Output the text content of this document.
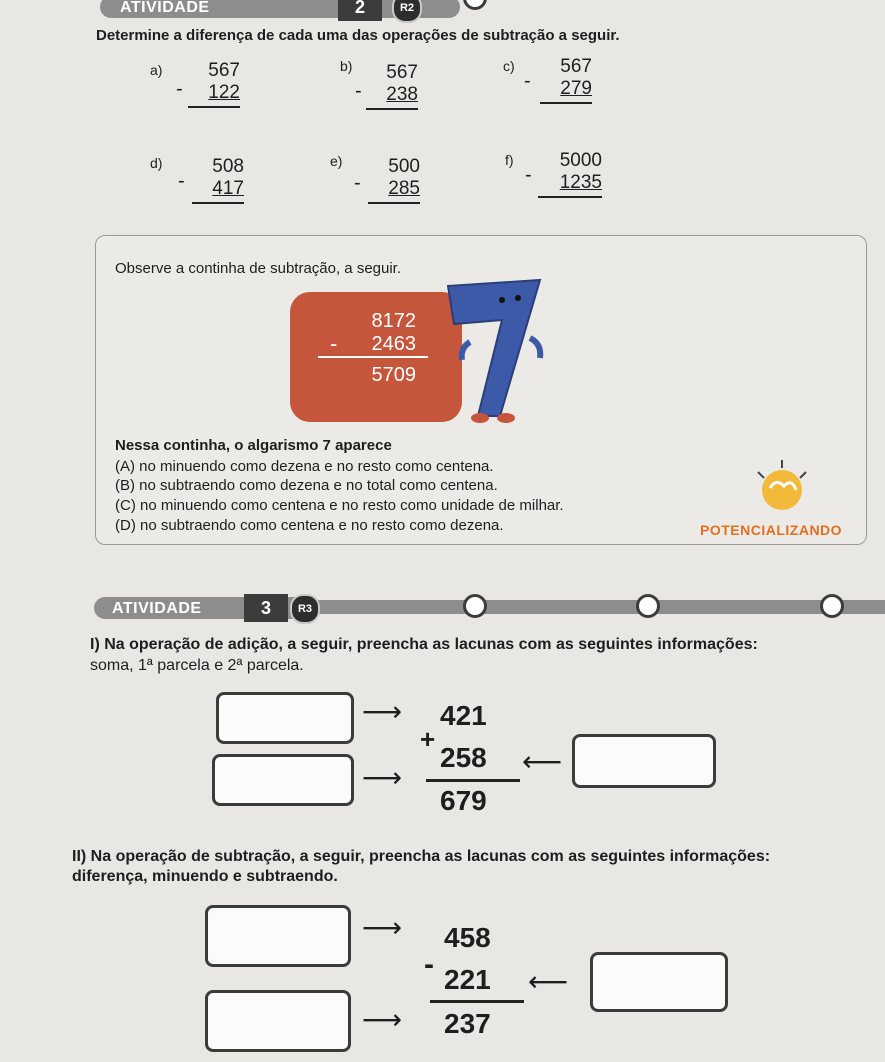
ATIVIDADE	2	R2
Determine a diferença de cada uma das operações de subtração a seguir.
a)
-
567
122
b)
-
567
238
c)
-
567
279
d)
-
508
417
e)
-
500
285
f)
-
5000
1235
Observe a continha de subtração, a seguir.
8172
2463
5709
-
Nessa continha, o algarismo 7 aparece
(A) no minuendo como dezena e no resto como centena.
(B) no subtraendo como dezena e no total como centena.
(C) no minuendo como centena e no resto como unidade de milhar.
(D) no subtraendo como centena e no resto como dezena.	POTENCIALIZANDO
ATIVIDADE	3	R3
I) Na operação de adição, a seguir, preencha as lacunas com as seguintes informações:
soma, 1ª parcela e 2ª parcela.
⟶
⟶
⟵
+
421
258
679
II) Na operação de subtração, a seguir, preencha as lacunas com as seguintes informações:
diferença, minuendo e subtraendo.
⟶
⟶
⟵
-
458
221
237
